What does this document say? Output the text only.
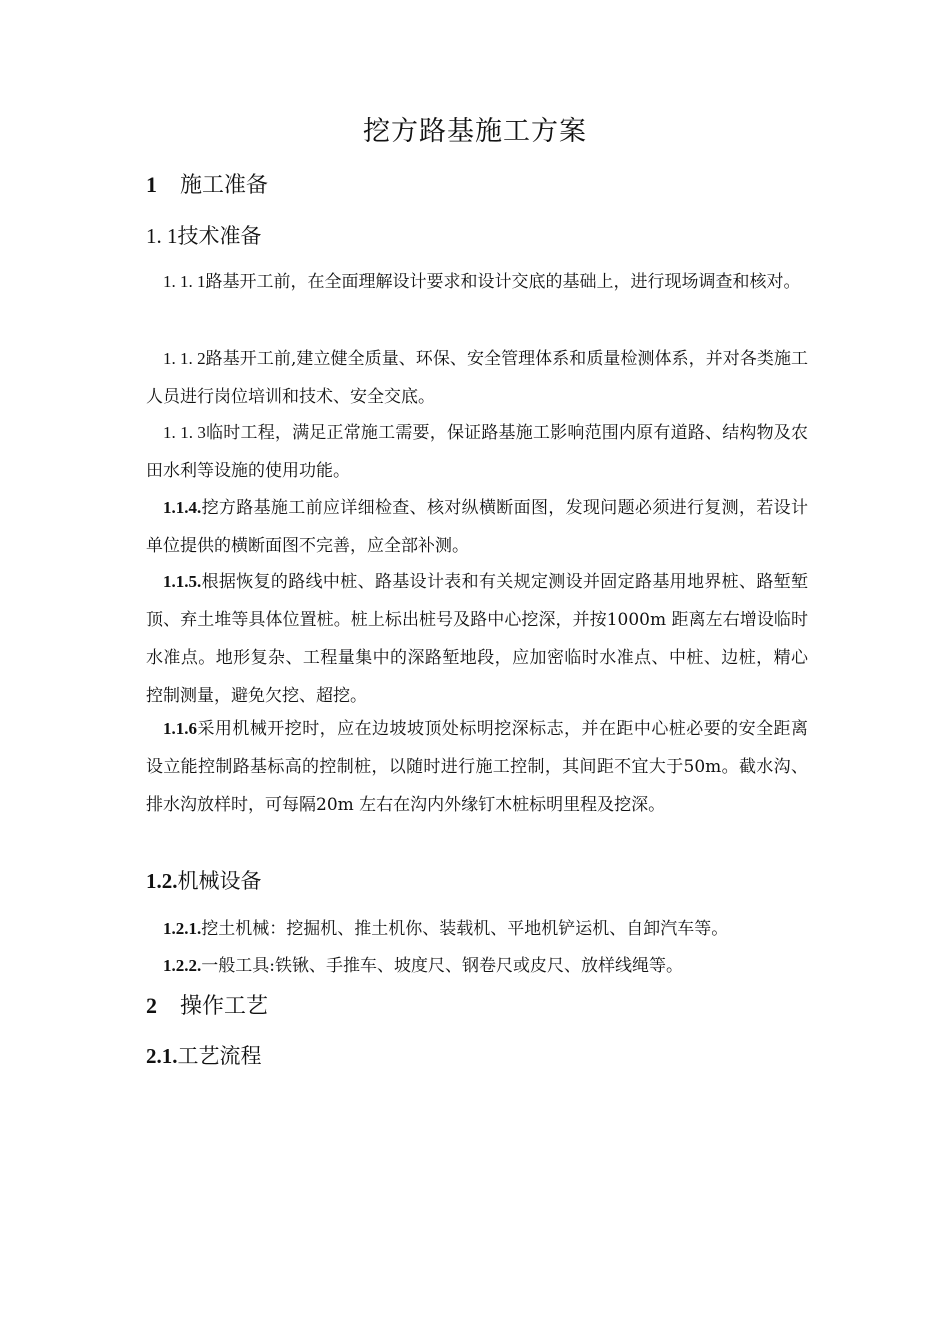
挖方路基施工方案
1 施工准备
1. 1技术准备

1. 1. 1路基开工前，在全面理解设计要求和设计交底的基础上，进行现场调查和核对。

1. 1. 2路基开工前,建立健全质量、环保、安全管理体系和质量检测体系，并对各类施工人员进行岗位培训和技术、安全交底。

1. 1. 3临时工程，满足正常施工需要，保证路基施工影响范围内原有道路、结构物及农田水利等设施的使用功能。

1.1.4.挖方路基施工前应详细检查、核对纵横断面图，发现问题必须进行复测，若设计单位提供的横断面图不完善，应全部补测。

1.1.5.根据恢复的路线中桩、路基设计表和有关规定测设并固定路基用地界桩、路堑堑顶、弃土堆等具体位置桩。桩上标出桩号及路中心挖深，并按1000m 距离左右增设临时水准点。地形复杂、工程量集中的深路堑地段，应加密临时水准点、中桩、边桩，精心控制测量，避免欠挖、超挖。

1.1.6采用机械开挖时，应在边坡坡顶处标明挖深标志，并在距中心桩必要的安全距离设立能控制路基标高的控制桩，以随时进行施工控制，其间距不宜大于50m。截水沟、排水沟放样时，可每隔20m 左右在沟内外缘钉木桩标明里程及挖深。

1.2.机械设备

1.2.1.挖土机械：挖掘机、推土机你、装载机、平地机铲运机、自卸汽车等。

1.2.2.一般工具:铁锹、手推车、坡度尺、钢卷尺或皮尺、放样线绳等。

2 操作工艺
2.1.工艺流程
